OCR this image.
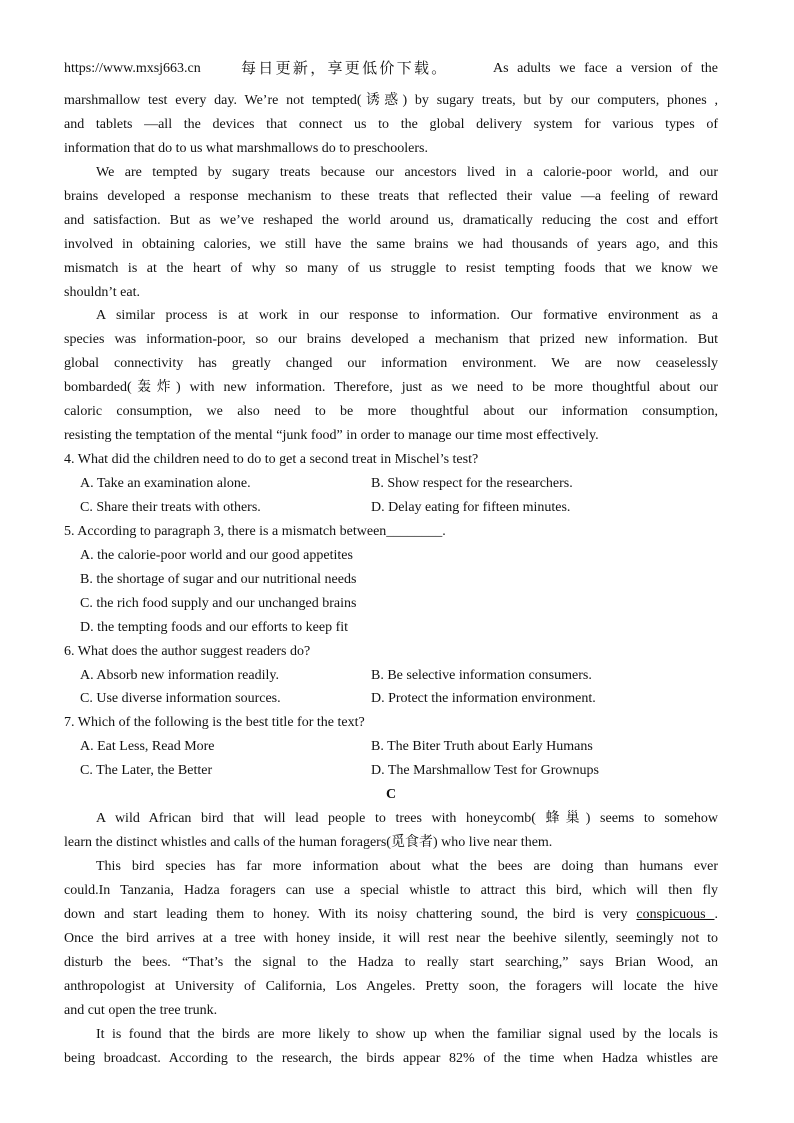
https://www.mxsj663.cn	每日更新，享更低价下载。	As adults we face a version of the
marshmallow test every day. We’re not tempted(诱惑) by sugary treats, but by our computers, phones ,
and tablets —all the devices that connect us to the global delivery system for various types of
information that do to us what marshmallows do to preschoolers.
We are tempted by sugary treats because our ancestors lived in a calorie-poor world, and our
brains developed a response mechanism to these treats that reflected their value —a feeling of reward
and satisfaction. But as we’ve reshaped the world around us, dramatically reducing the cost and effort
involved in obtaining calories, we still have the same brains we had thousands of years ago, and this
mismatch is at the heart of why so many of us struggle to resist tempting foods that we know we
shouldn’t eat.
A similar process is at work in our response to information. Our formative environment as a
species was information-poor, so our brains developed a mechanism that prized new information. But
global connectivity has greatly changed our information environment. We are now ceaselessly
bombarded(轰炸) with new information. Therefore, just as we need to be more thoughtful about our
caloric consumption, we also need to be more thoughtful about our information consumption,
resisting the temptation of the mental “junk food” in order to manage our time most effectively.
4. What did the children need to do to get a second treat in Mischel’s test?
A. Take an examination alone.	B. Show respect for the researchers.
C. Share their treats with others.	D. Delay eating for fifteen minutes.
5. According to paragraph 3, there is a mismatch between________.
A. the calorie-poor world and our good appetites
B. the shortage of sugar and our nutritional needs
C. the rich food supply and our unchanged brains
D. the tempting foods and our efforts to keep fit
6. What does the author suggest readers do?
A. Absorb new information readily.	B. Be selective information consumers.
C. Use diverse information sources.	D. Protect the information environment.
7. Which of the following is the best title for the text?
A. Eat Less, Read More	B. The Biter Truth about Early Humans
C. The Later, the Better	D. The Marshmallow Test for Grownups
C
A wild African bird that will lead people to trees with honeycomb( 蜂巢) seems to somehow
learn the distinct whistles and calls of the human foragers(觅食者) who live near them.
This bird species has far more information about what the bees are doing than humans ever
could.In Tanzania, Hadza foragers can use a special whistle to attract this bird, which will then fly
down and start leading them to honey. With its noisy chattering sound, the bird is very conspicuous .
Once the bird arrives at a tree with honey inside, it will rest near the beehive silently, seemingly not to
disturb the bees. “That’s the signal to the Hadza to really start searching,” says Brian Wood, an
anthropologist at University of California, Los Angeles. Pretty soon, the foragers will locate the hive
and cut open the tree trunk.
It is found that the birds are more likely to show up when the familiar signal used by the locals is
being broadcast. According to the research, the birds appear 82% of the time when Hadza whistles are
